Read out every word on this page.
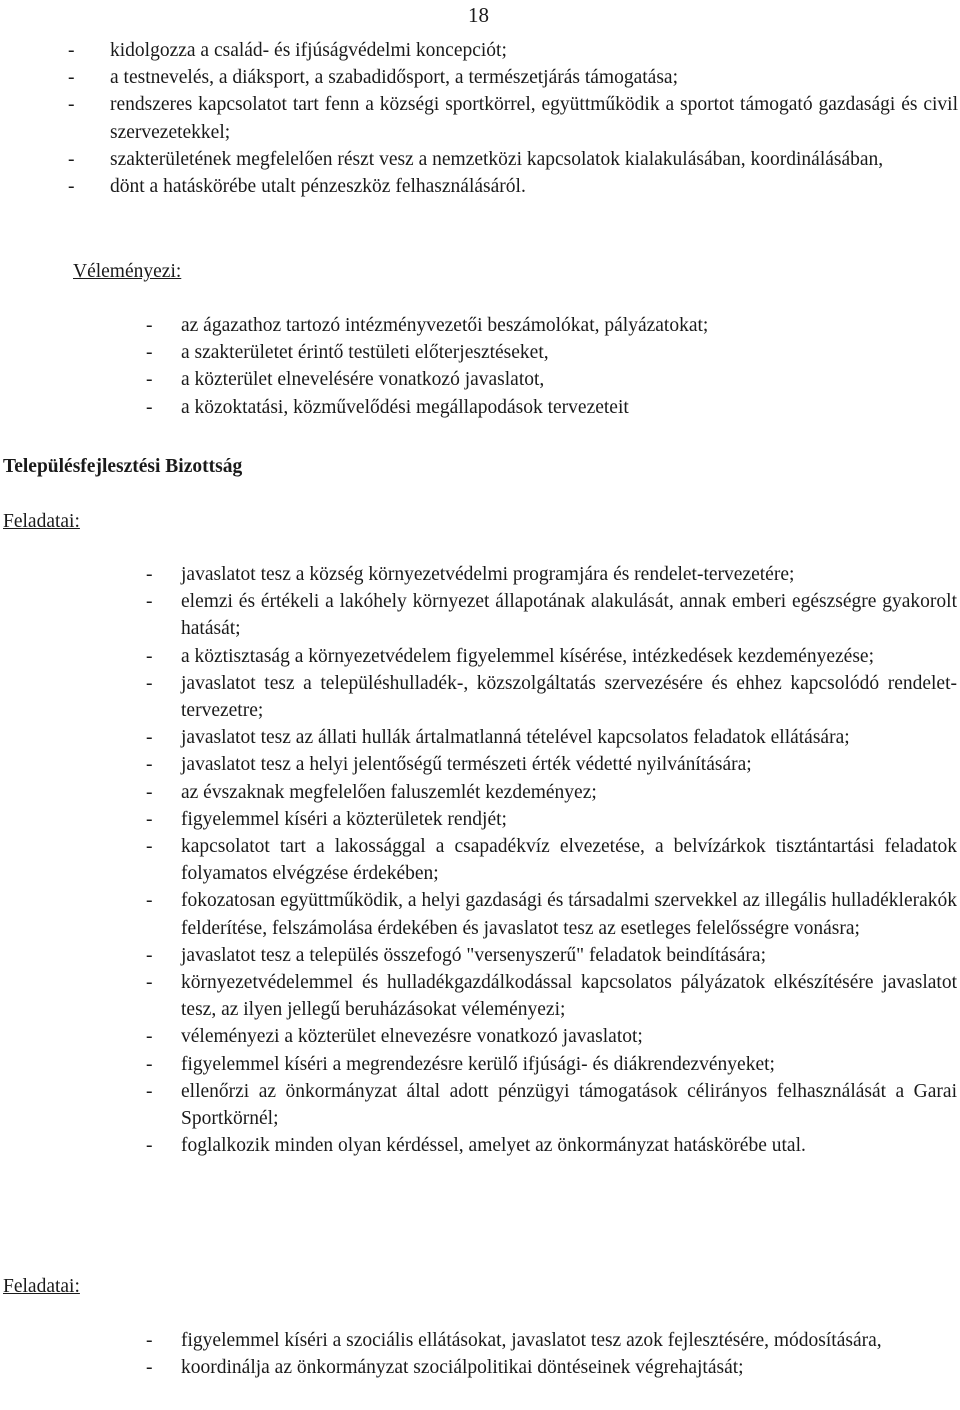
18
- kidolgozza a család- és ifjúságvédelmi koncepciót;
- a testnevelés, a diáksport, a szabadidősport, a természetjárás támogatása;
- rendszeres kapcsolatot tart fenn a községi sportkörrel, együttműködik a sportot támogató gazdasági és civil szervezetekkel;
- szakterületének megfelelően részt vesz a nemzetközi kapcsolatok kialakulásában, koordinálásában,
- dönt a hatáskörébe utalt pénzeszköz felhasználásáról.
Véleményezi:
- az ágazathoz tartozó intézményvezetői beszámolókat, pályázatokat;
- a szakterületet érintő testületi előterjesztéseket,
- a közterület elnevelésére vonatkozó javaslatot,
- a közoktatási, közművelődési megállapodások tervezeteit
Településfejlesztési Bizottság
Feladatai:
- javaslatot tesz a község környezetvédelmi programjára és rendelet-tervezetére;
- elemzi és értékeli a lakóhely környezet állapotának alakulását, annak emberi egészségre gyakorolt hatását;
- a köztisztaság a környezetvédelem figyelemmel kísérése, intézkedések kezdeményezése;
- javaslatot tesz a településhulladék-, közszolgáltatás szervezésére és ehhez kapcsolódó rendelet-tervezetre;
- javaslatot tesz az állati hullák ártalmatlanná tételével kapcsolatos feladatok ellátására;
- javaslatot tesz a helyi jelentőségű természeti érték védetté nyilvánítására;
- az évszaknak megfelelően faluszemlét kezdeményez;
- figyelemmel kíséri a közterületek rendjét;
- kapcsolatot tart a lakossággal a csapadékvíz elvezetése, a belvízárkok tisztántartási feladatok folyamatos elvégzése érdekében;
- fokozatosan együttműködik, a helyi gazdasági és társadalmi szervekkel az illegális hulladéklerakók felderítése, felszámolása érdekében és javaslatot tesz az esetleges felelősségre vonásra;
- javaslatot tesz a település összefogó "versenyszerű" feladatok beindítására;
- környezetvédelemmel és hulladékgazdálkodással kapcsolatos pályázatok elkészítésére javaslatot tesz, az ilyen jellegű beruházásokat véleményezi;
- véleményezi a közterület elnevezésre vonatkozó javaslatot;
- figyelemmel kíséri a megrendezésre kerülő ifjúsági- és diákrendezvényeket;
- ellenőrzi az önkormányzat által adott pénzügyi támogatások célirányos felhasználását a Garai Sportkörnél;
- foglalkozik minden olyan kérdéssel, amelyet az önkormányzat hatáskörébe utal.
Feladatai:
- figyelemmel kíséri a szociális ellátásokat, javaslatot tesz azok fejlesztésére, módosítására,
- koordinálja az önkormányzat szociálpolitikai döntéseinek végrehajtását;
